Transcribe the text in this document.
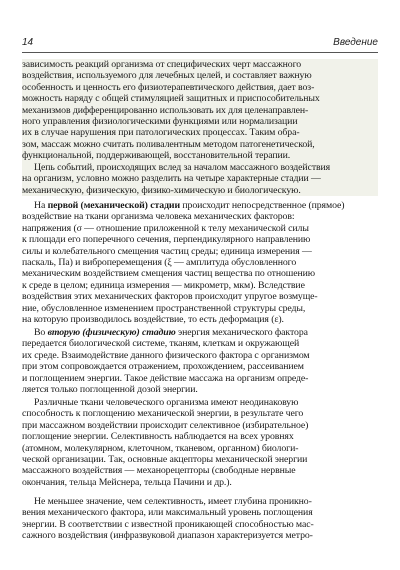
14	Введение
зависимость реакций организма от специфических черт массажного
воздействия, используемого для лечебных целей, и составляет важную
особенность и ценность его физиотерапевтического действия, дает воз-
можность наряду с общей стимуляцией защитных и приспособительных
механизмов дифференцированно использовать их для целенаправлен-
ного управления физиологическими функциями или нормализации
их в случае нарушения при патологических процессах. Таким обра-
зом, массаж можно считать поливалентным методом патогенетической,
функциональной, поддерживающей, восстановительной терапии.
Цепь событий, происходящих вслед за началом массажного воздействия
на организм, условно можно разделить на четыре характерные стадии —
механическую, физическую, физико-химическую и биологическую.
На первой (механической) стадии происходит непосредственное (прямое)
воздействие на ткани организма человека механических факторов:
напряжения (σ — отношение приложенной к телу механической силы
к площади его поперечного сечения, перпендикулярного направлению
силы и колебательного смещения частиц среды; единица измерения —
паскаль, Па) и виброперемещения (ξ — амплитуда обусловленного
механическим воздействием смещения частиц вещества по отношению
к среде в целом; единица измерения — микрометр, мкм). Вследствие
воздействия этих механических факторов происходит упругое возмуще-
ние, обусловленное изменением пространственной структуры среды,
на которую производилось воздействие, то есть деформация (ε).
Во вторую (физическую) стадию энергия механического фактора
передается биологической системе, тканям, клеткам и окружающей
их среде. Взаимодействие данного физического фактора с организмом
при этом сопровождается отражением, прохождением, рассеиванием
и поглощением энергии. Такое действие массажа на организм опреде-
ляется только поглощенной дозой энергии.
Различные ткани человеческого организма имеют неодинаковую
способность к поглощению механической энергии, в результате чего
при массажном воздействии происходит селективное (избирательное)
поглощение энергии. Селективность наблюдается на всех уровнях
(атомном, молекулярном, клеточном, тканевом, органном) биологи-
ческой организации. Так, основные акцепторы механической энергии
массажного воздействия — механорецепторы (свободные нервные
окончания, тельца Мейснера, тельца Пачини и др.).
Не меньшее значение, чем селективность, имеет глубина проникно-
вения механического фактора, или максимальный уровень поглощения
энергии. В соответствии с известной проникающей способностью мас-
сажного воздействия (инфразвуковой диапазон характеризуется метро-
